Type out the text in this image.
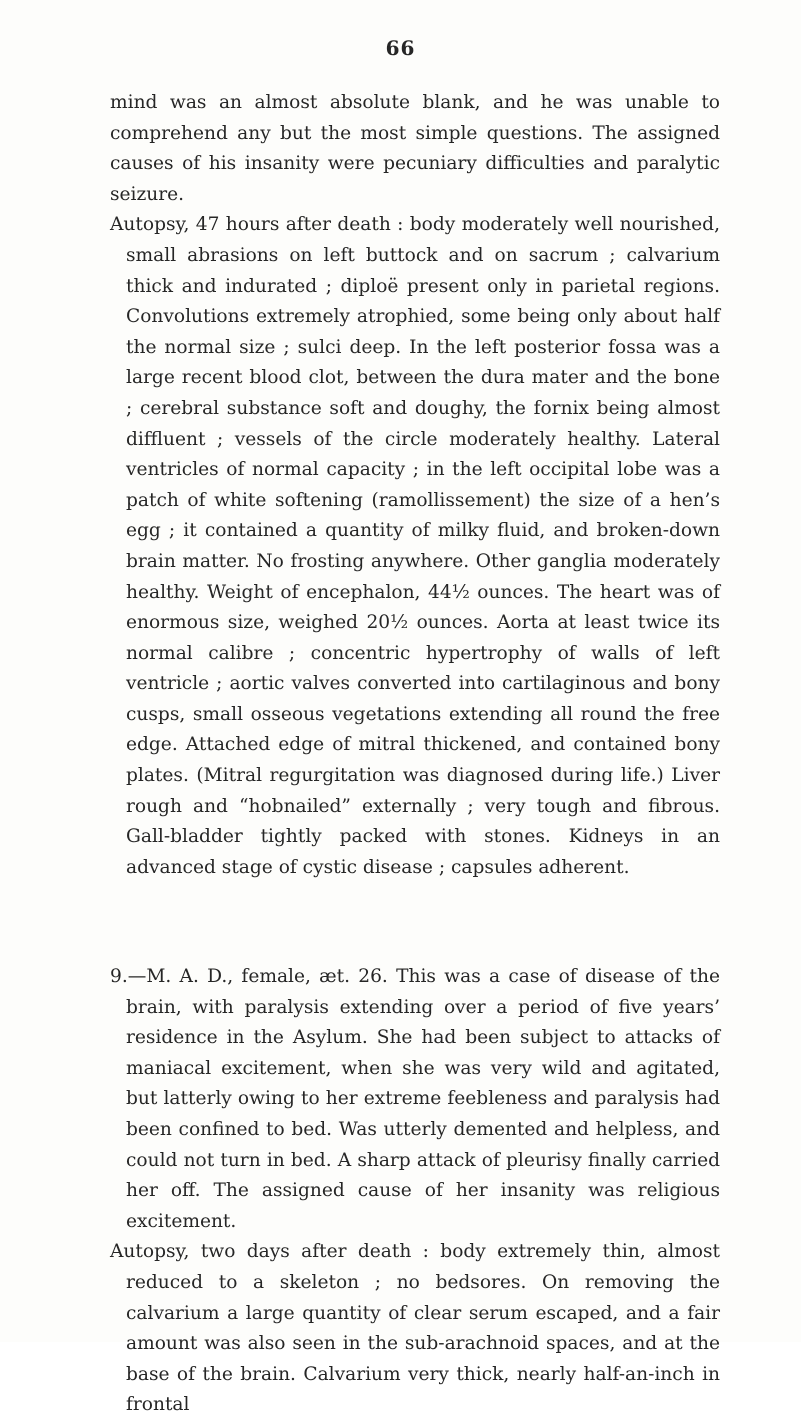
66

mind was an almost absolute blank, and he was unable to comprehend any but the most simple questions. The assigned causes of his insanity were pecuniary difficulties and paralytic seizure.

Autopsy, 47 hours after death : body moderately well nourished, small abrasions on left buttock and on sacrum ; calvarium thick and indurated ; diploë present only in parietal regions. Convolutions extremely atrophied, some being only about half the normal size ; sulci deep. In the left posterior fossa was a large recent blood clot, between the dura mater and the bone ; cerebral substance soft and doughy, the fornix being almost diffluent ; vessels of the circle moderately healthy. Lateral ventricles of normal capacity ; in the left occipital lobe was a patch of white softening (ramollissement) the size of a hen’s egg ; it contained a quantity of milky fluid, and broken-down brain matter. No frosting anywhere. Other ganglia moderately healthy. Weight of encephalon, 44½ ounces. The heart was of enormous size, weighed 20½ ounces. Aorta at least twice its normal calibre ; concentric hypertrophy of walls of left ventricle ; aortic valves converted into cartilaginous and bony cusps, small osseous vegetations extending all round the free edge. Attached edge of mitral thickened, and contained bony plates. (Mitral regurgitation was diagnosed during life.) Liver rough and “hobnailed” externally ; very tough and fibrous. Gall-bladder tightly packed with stones. Kidneys in an advanced stage of cystic disease ; capsules adherent.

9.—M. A. D., female, æt. 26. This was a case of disease of the brain, with paralysis extending over a period of five years’ residence in the Asylum. She had been subject to attacks of maniacal excitement, when she was very wild and agitated, but latterly owing to her extreme feebleness and paralysis had been confined to bed. Was utterly demented and helpless, and could not turn in bed. A sharp attack of pleurisy finally carried her off. The assigned cause of her insanity was religious excitement.

Autopsy, two days after death : body extremely thin, almost reduced to a skeleton ; no bedsores. On removing the calvarium a large quantity of clear serum escaped, and a fair amount was also seen in the sub-arachnoid spaces, and at the base of the brain. Calvarium very thick, nearly half-an-inch in frontal
